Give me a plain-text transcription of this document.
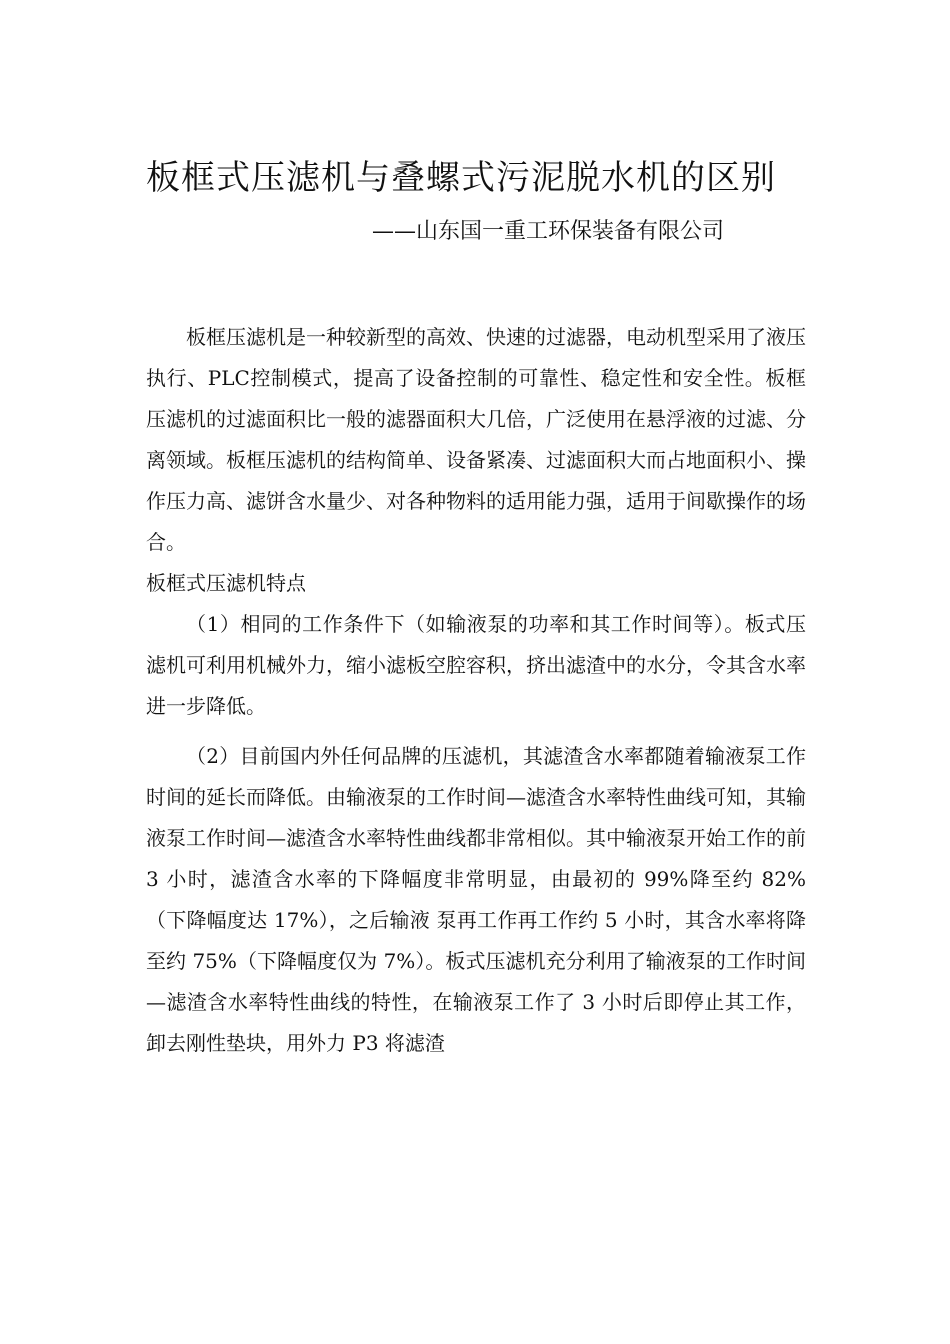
板框式压滤机与叠螺式污泥脱水机的区别
——山东国一重工环保装备有限公司

板框压滤机是一种较新型的高效、快速的过滤器，电动机型采用了液压执行、PLC控制模式，提高了设备控制的可靠性、稳定性和安全性。板框压滤机的过滤面积比一般的滤器面积大几倍，广泛使用在悬浮液的过滤、分离领域。板框压滤机的结构简单、设备紧凑、过滤面积大而占地面积小、操作压力高、滤饼含水量少、对各种物料的适用能力强，适用于间歇操作的场合。

板框式压滤机特点

（1）相同的工作条件下（如输液泵的功率和其工作时间等）。板式压滤机可利用机械外力，缩小滤板空腔容积，挤出滤渣中的水分，令其含水率进一步降低。

（2）目前国内外任何品牌的压滤机，其滤渣含水率都随着输液泵工作时间的延长而降低。由输液泵的工作时间—滤渣含水率特性曲线可知，其输液泵工作时间—滤渣含水率特性曲线都非常相似。其中输液泵开始工作的前 3 小时，滤渣含水率的下降幅度非常明显，由最初的 99%降至约 82%（下降幅度达 17%），之后输液 泵再工作再工作约 5 小时，其含水率将降至约 75%（下降幅度仅为 7%）。板式压滤机充分利用了输液泵的工作时间—滤渣含水率特性曲线的特性，在输液泵工作了 3 小时后即停止其工作，卸去刚性垫块，用外力 P3 将滤渣
